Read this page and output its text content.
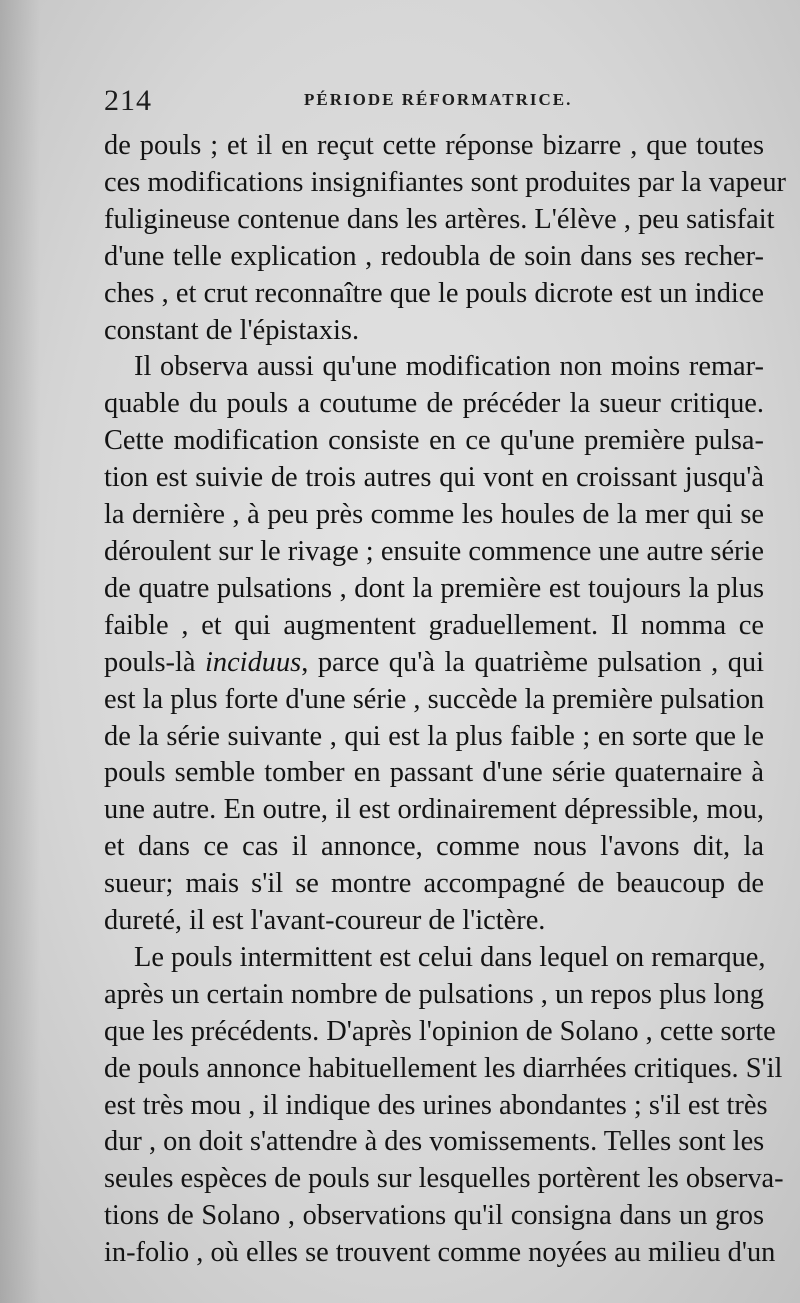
214	PÉRIODE RÉFORMATRICE.
de pouls ; et il en reçut cette réponse bizarre , que toutes
ces modifications insignifiantes sont produites par la vapeur
fuligineuse contenue dans les artères. L'élève , peu satisfait
d'une telle explication , redoubla de soin dans ses recher-
ches , et crut reconnaître que le pouls dicrote est un indice
constant de l'épistaxis.
Il observa aussi qu'une modification non moins remar-
quable du pouls a coutume de précéder la sueur critique.
Cette modification consiste en ce qu'une première pulsa-
tion est suivie de trois autres qui vont en croissant jusqu'à
la dernière , à peu près comme les houles de la mer qui se
déroulent sur le rivage ; ensuite commence une autre série
de quatre pulsations , dont la première est toujours la plus
faible , et qui augmentent graduellement. Il nomma ce
pouls-là inciduus, parce qu'à la quatrième pulsation , qui
est la plus forte d'une série , succède la première pulsation
de la série suivante , qui est la plus faible ; en sorte que le
pouls semble tomber en passant d'une série quaternaire à
une autre. En outre, il est ordinairement dépressible, mou,
et dans ce cas il annonce, comme nous l'avons dit, la
sueur; mais s'il se montre accompagné de beaucoup de
dureté, il est l'avant-coureur de l'ictère.
Le pouls intermittent est celui dans lequel on remarque,
après un certain nombre de pulsations , un repos plus long
que les précédents. D'après l'opinion de Solano , cette sorte
de pouls annonce habituellement les diarrhées critiques. S'il
est très mou , il indique des urines abondantes ; s'il est très
dur , on doit s'attendre à des vomissements. Telles sont les
seules espèces de pouls sur lesquelles portèrent les observa-
tions de Solano , observations qu'il consigna dans un gros
in-folio , où elles se trouvent comme noyées au milieu d'un
